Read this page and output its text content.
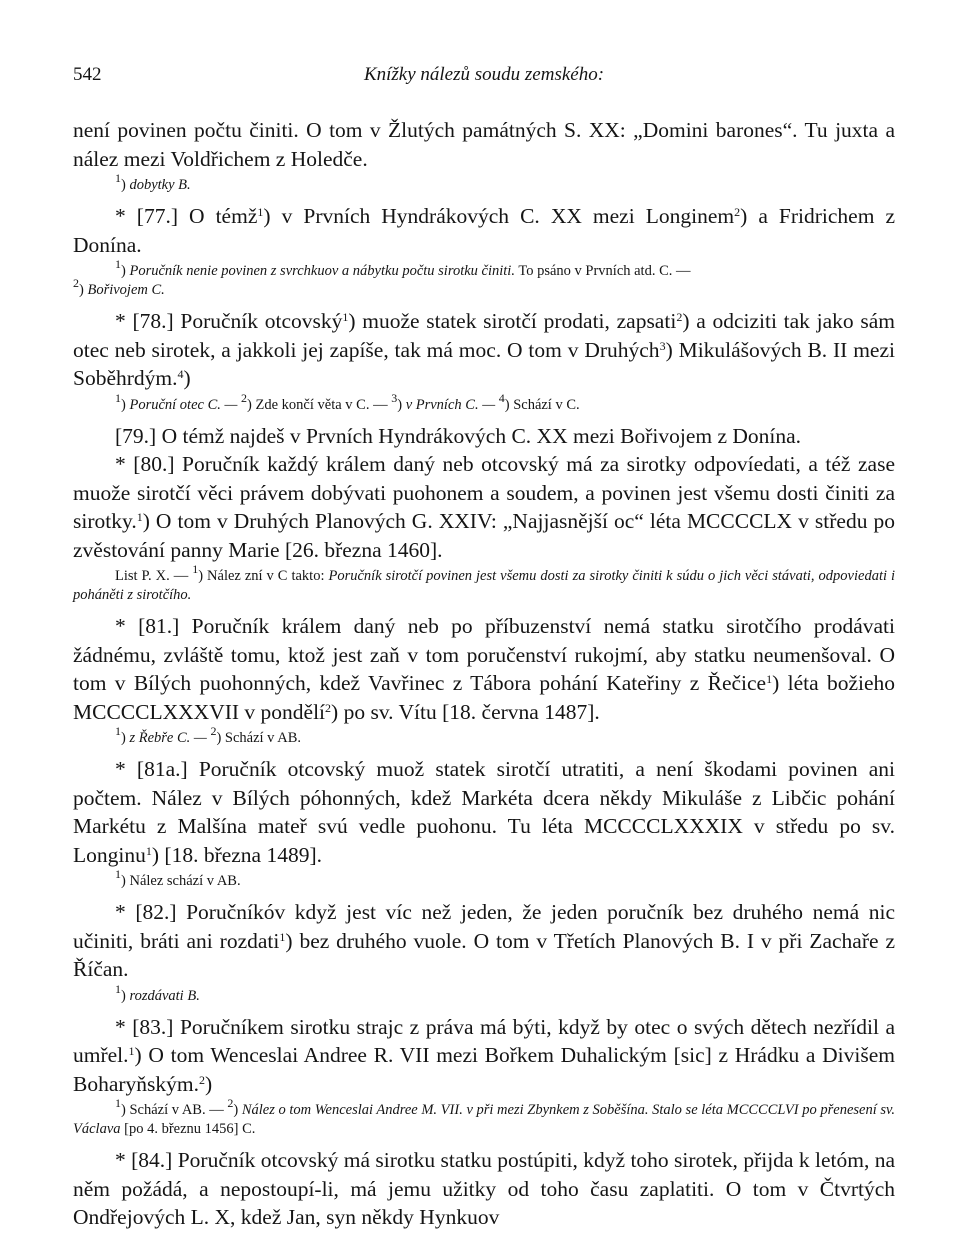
542	Knížky nálezů soudu zemského:

není povinen počtu činiti. O tom v Žlutých památných S. XX: „Domini barones“. Tu juxta a nález mezi Voldřichem z Holedče.

$^1$) dobytky B.

* [77.] O témž$^1$) v Prvních Hyndrákových C. XX mezi Longinem$^2$) a Fridrichem z Donína.

$^1$) Poručník nenie povinen z svrchkuov a nábytku počtu sirotku činiti. To psáno v Prvních atd. C. —
$^2$) Bořivojem C.

* [78.] Poručník otcovský$^1$) muože statek sirotčí prodati, zapsati$^2$) a odciziti tak jako sám otec neb sirotek, a jakkoli jej zapíše, tak má moc. O tom v Druhých$^3$) Mikulášových B. II mezi Soběhrdým.$^4$)

$^1$) Poruční otec C. — $^2$) Zde končí věta v C. — $^3$) v Prvních C. — $^4$) Schází v C.

[79.] O témž najdeš v Prvních Hyndrákových C. XX mezi Bořivojem z Donína.

* [80.] Poručník každý králem daný neb otcovský má za sirotky odpovíedati, a též zase muože sirotčí věci právem dobývati puohonem a soudem, a povinen jest všemu dosti činiti za sirotky.$^1$) O tom v Druhých Planových G. XXIV: „Najjasnější oc“ léta MCCCCLX v středu po zvěstování panny Marie [26. března 1460].

List P. X. — $^1$) Nález zní v C takto: Poručník sirotčí povinen jest všemu dosti za sirotky činiti k súdu o jich věci stávati, odpoviedati i poháněti z sirotčího.

* [81.] Poručník králem daný neb po příbuzenství nemá statku sirotčího prodávati žádnému, zvláště tomu, ktož jest zaň v tom poručenství rukojmí, aby statku neumenšoval. O tom v Bílých puohonných, kdež Vavřinec z Tábora pohání Kateřiny z Řečice$^1$) léta božieho MCCCCLXXXVII v pondělí$^2$) po sv. Vítu [18. června 1487].

$^1$) z Řebře C. — $^2$) Schází v AB.

* [81a.] Poručník otcovský muož statek sirotčí utratiti, a není škodami povinen ani počtem. Nález v Bílých póhonných, kdež Markéta dcera někdy Mikuláše z Libčic pohání Markétu z Malšína mateř svú vedle puohonu. Tu léta MCCCCLXXXIX v středu po sv. Longinu$^1$) [18. března 1489].

$^1$) Nález schází v AB.

* [82.] Poručníkóv když jest víc než jeden, že jeden poručník bez druhého nemá nic učiniti, bráti ani rozdati$^1$) bez druhého vuole. O tom v Třetích Planových B. I v při Zachaře z Říčan.

$^1$) rozdávati B.

* [83.] Poručníkem sirotku strajc z práva má býti, když by otec o svých dětech nezřídil a umřel.$^1$) O tom Wenceslai Andree R. VII mezi Bořkem Duhalickým [sic] z Hrádku a Divišem Boharyňským.$^2$)

$^1$) Schází v AB. — $^2$) Nález o tom Wenceslai Andree M. VII. v při mezi Zbynkem z Soběšína. Stalo se léta MCCCCLVI po přenesení sv. Václava [po 4. březnu 1456] C.

* [84.] Poručník otcovský má sirotku statku postúpiti, když toho sirotek, přijda k letóm, na něm požádá, a nepostoupí-li, má jemu užitky od toho času zaplatiti. O tom v Čtvrtých Ondřejových L. X, kdež Jan, syn někdy Hynkuov
